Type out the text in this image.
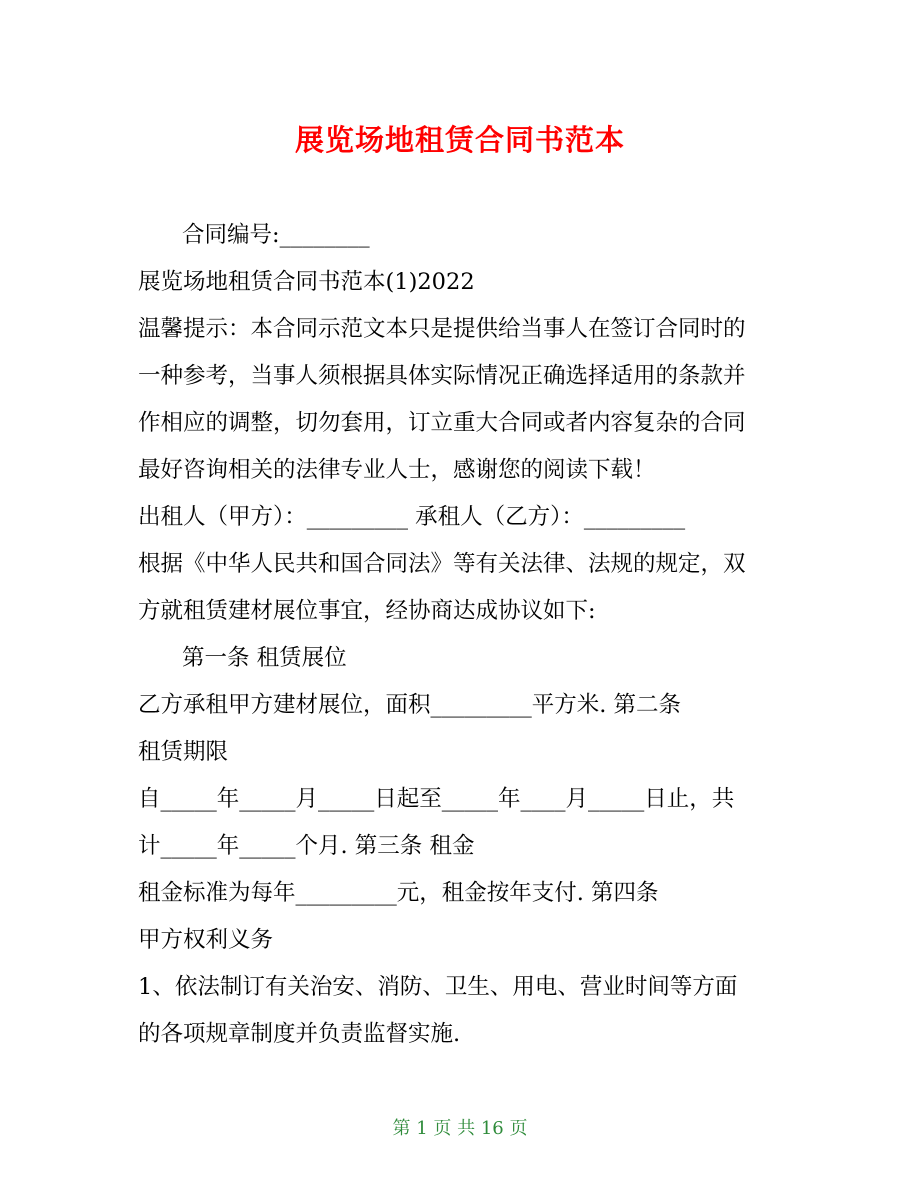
展览场地租赁合同书范本
合同编号:________
展览场地租赁合同书范本(1)2022
温馨提示：本合同示范文本只是提供给当事人在签订合同时的
一种参考，当事人须根据具体实际情况正确选择适用的条款并
作相应的调整，切勿套用，订立重大合同或者内容复杂的合同
最好咨询相关的法律专业人士，感谢您的阅读下载！
出租人（甲方）：_________ 承租人（乙方）：_________
根据《中华人民共和国合同法》等有关法律、法规的规定，双
方就租赁建材展位事宜，经协商达成协议如下:
第一条 租赁展位
乙方承租甲方建材展位，面积_________平方米. 第二条
租赁期限
自_____年_____月_____日起至_____年____月_____日止，共
计_____年_____个月. 第三条 租金
租金标准为每年_________元，租金按年支付. 第四条
甲方权利义务
1、依法制订有关治安、消防、卫生、用电、营业时间等方面
的各项规章制度并负责监督实施.
第 1 页 共 16 页
